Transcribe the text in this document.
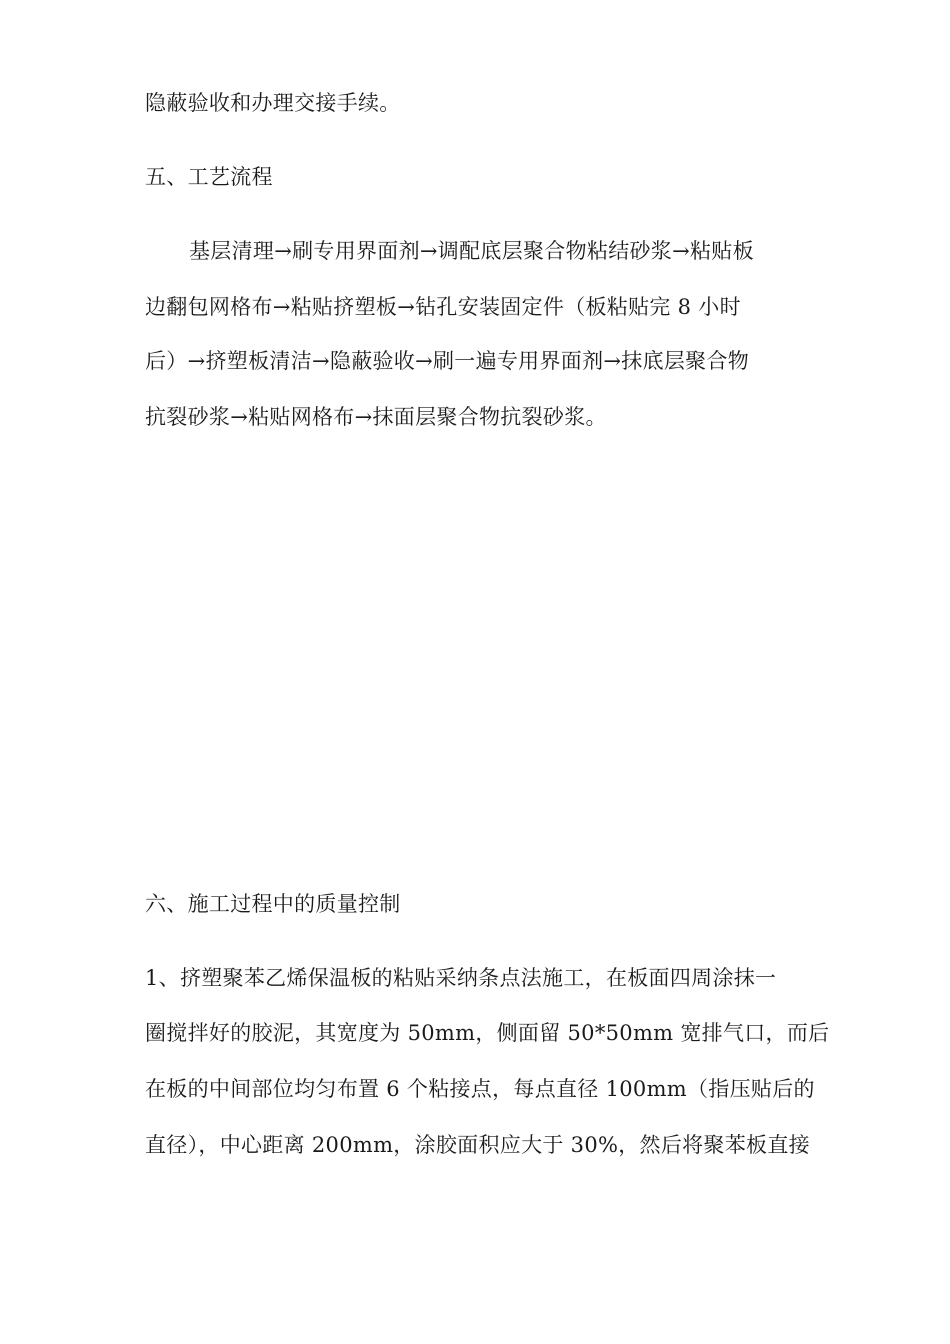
隐蔽验收和办理交接手续。
五、工艺流程
基层清理→刷专用界面剂→调配底层聚合物粘结砂浆→粘贴板
边翻包网格布→粘贴挤塑板→钻孔安装固定件（板粘贴完 8 小时
后）→挤塑板清洁→隐蔽验收→刷一遍专用界面剂→抹底层聚合物
抗裂砂浆→粘贴网格布→抹面层聚合物抗裂砂浆。
六、施工过程中的质量控制
1、挤塑聚苯乙烯保温板的粘贴采纳条点法施工，在板面四周涂抹一
圈搅拌好的胶泥，其宽度为 50mm，侧面留 50*50mm 宽排气口，而后
在板的中间部位均匀布置 6 个粘接点，每点直径 100mm（指压贴后的
直径），中心距离 200mm，涂胶面积应大于 30%，然后将聚苯板直接
